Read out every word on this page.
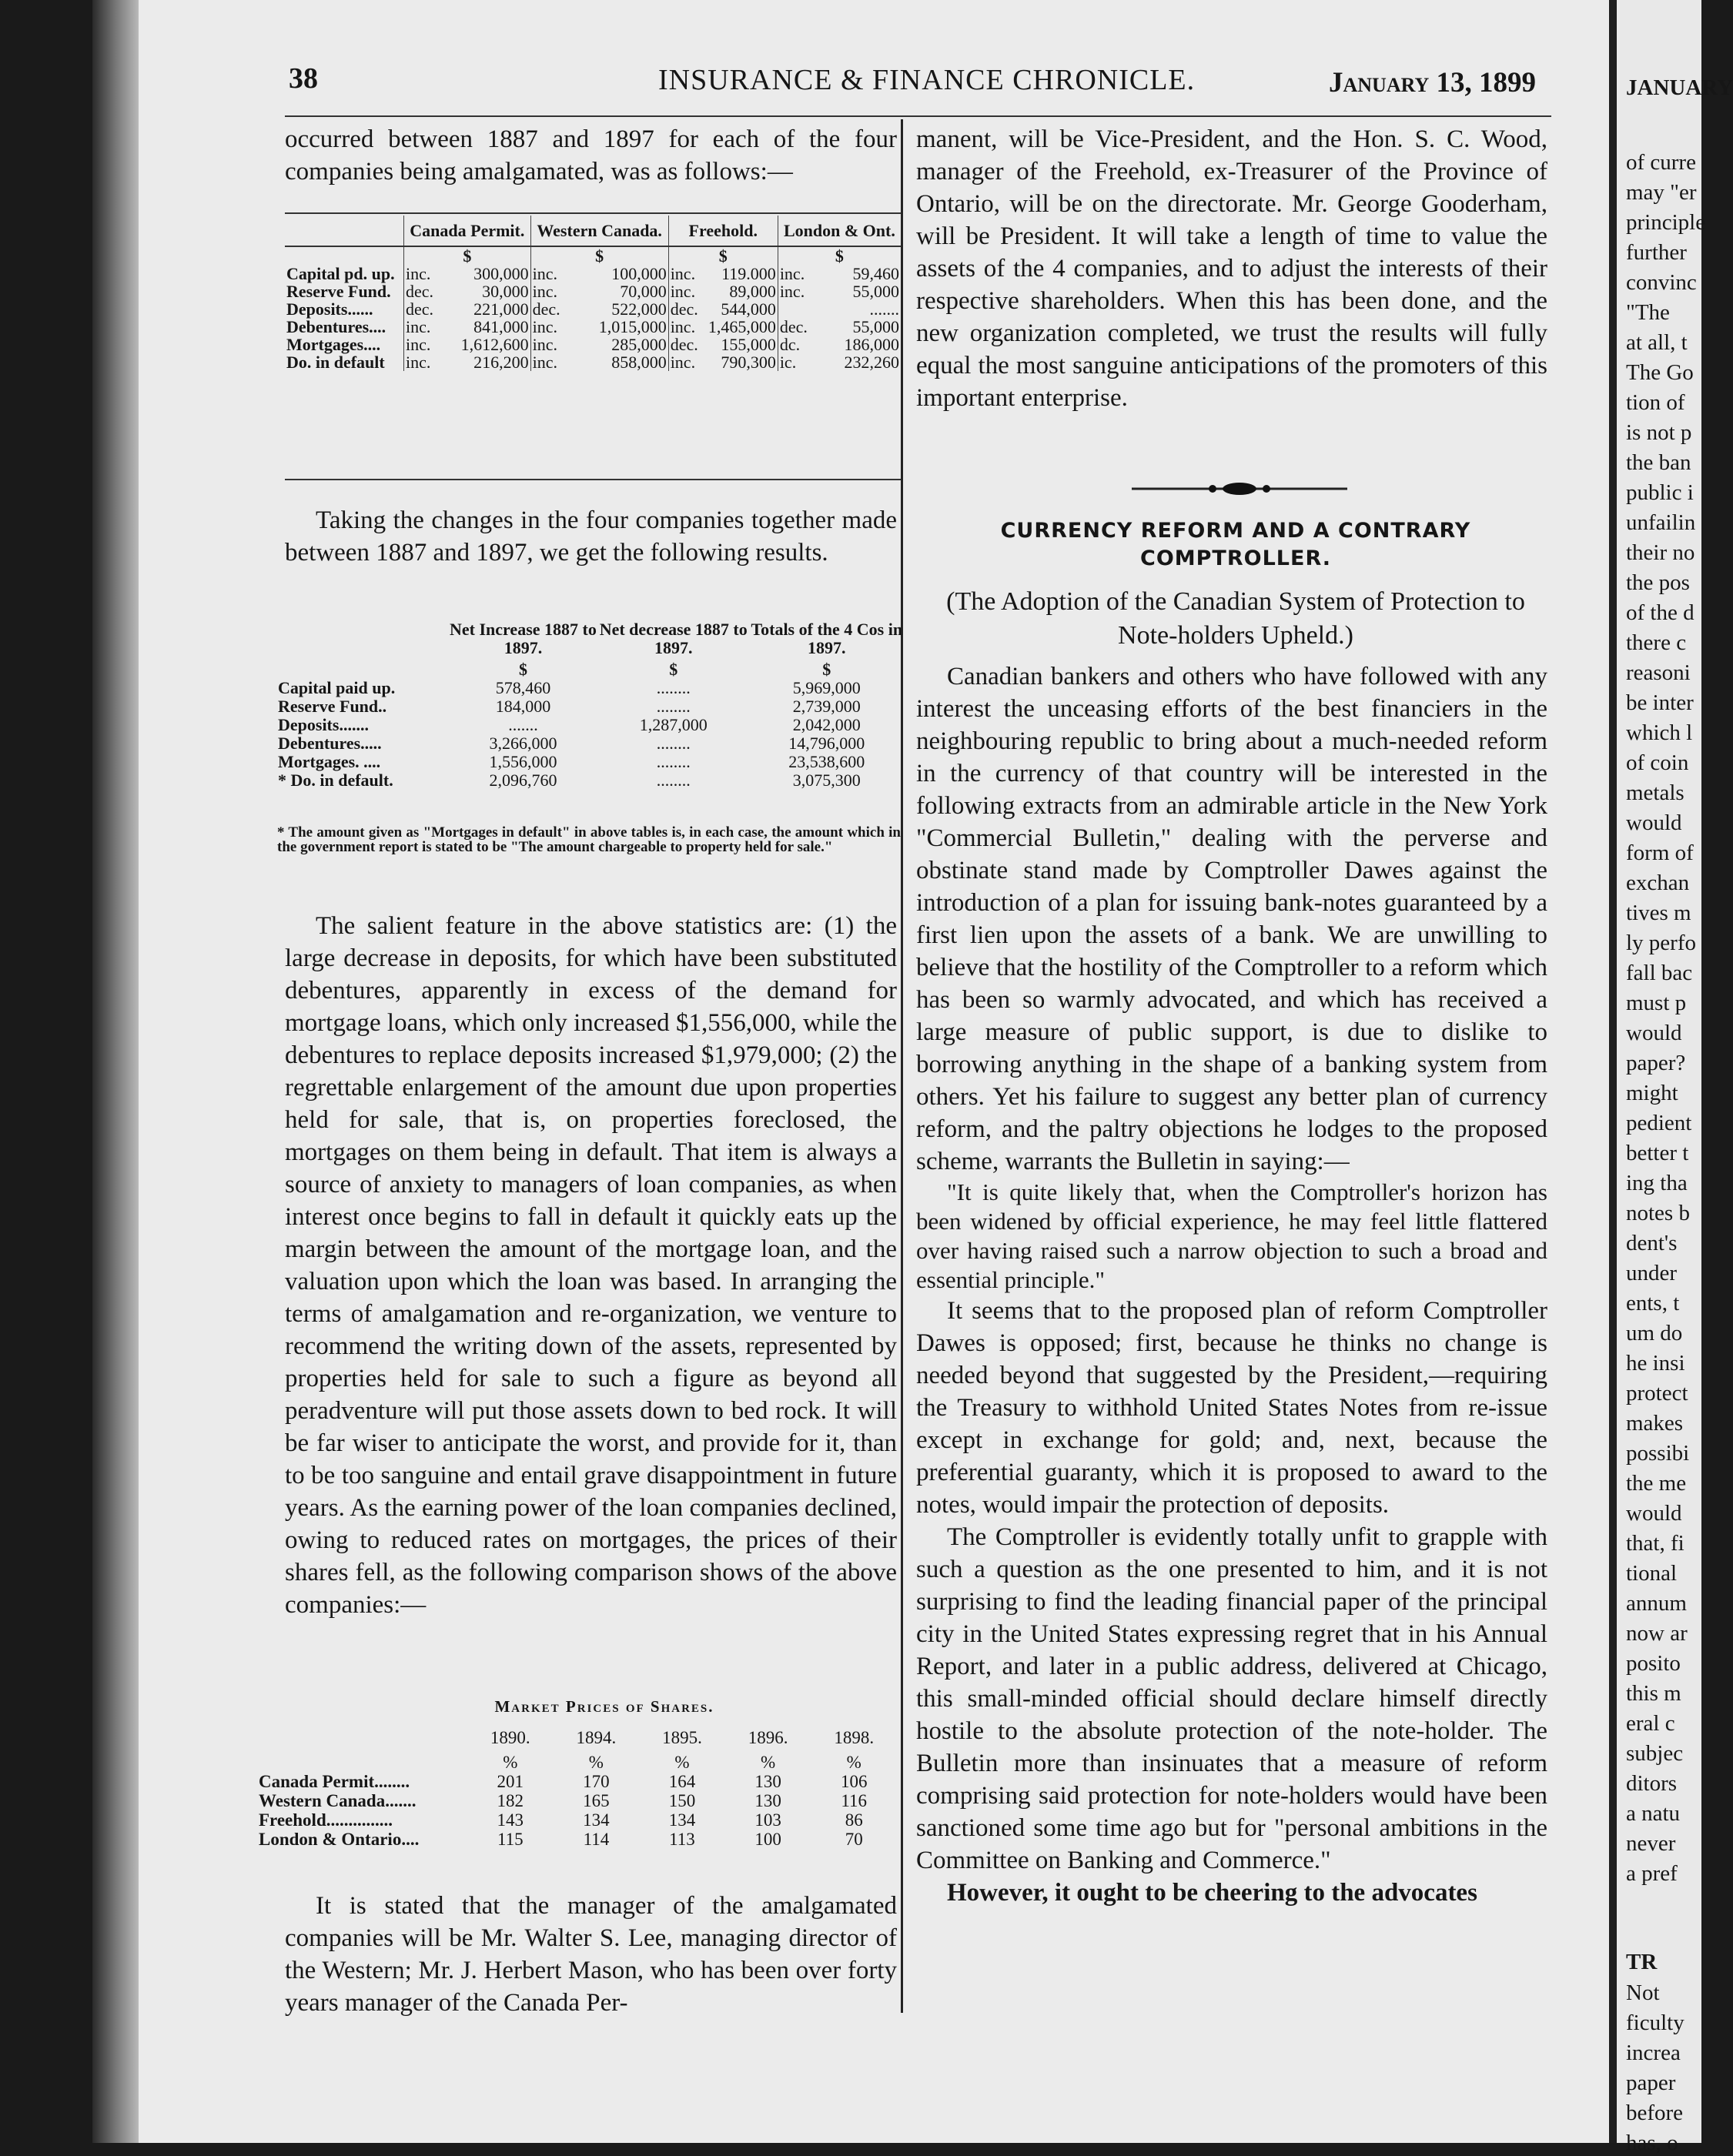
38	INSURANCE & FINANCE CHRONICLE.	January 13, 1899

occurred between 1887 and 1897 for each of the four companies being amalgamated, was as follows:—

	Canada Permit.		Western Canada.		Freehold.		London & Ont.	
	$		$		$		$	
Capital pd. up.	inc.	300,000	inc.	100,000	inc.	119.000	inc.	59,460
Reserve Fund.	dec.	30,000	inc.	70,000	inc.	89,000	inc.	55,000
Deposits......	dec.	221,000	dec.	522,000	dec.	544,000		.......
Debentures....	inc.	841,000	inc.	1,015,000	inc.	1,465,000	dec.	55,000
Mortgages....	inc.	1,612,600	inc.	285,000	dec.	155,000	dc.	186,000
Do. in default	inc.	216,200	inc.	858,000	inc.	790,300	ic.	232,260

Taking the changes in the four companies together made between 1887 and 1897, we get the following results.

	Net Increase 1887 to 1897.	Net decrease 1887 to 1897.	Totals of the 4 Cos in 1897.
	$	$	$
Capital paid up.	578,460	........	5,969,000
Reserve Fund..	184,000	........	2,739,000
Deposits.......	.......	1,287,000	2,042,000
Debentures.....	3,266,000	........	14,796,000
Mortgages. ....	1,556,000	........	23,538,600
* Do. in default.	2,096,760	........	3,075,300
* The amount given as "Mortgages in default" in above tables is, in each case, the amount which in the government report is stated to be "The amount chargeable to property held for sale."

The salient feature in the above statistics are: (1) the large decrease in deposits, for which have been substituted debentures, apparently in excess of the demand for mortgage loans, which only increased $1,556,000, while the debentures to replace deposits increased $1,979,000; (2) the regrettable enlargement of the amount due upon properties held for sale, that is, on properties foreclosed, the mortgages on them being in default. That item is always a source of anxiety to managers of loan companies, as when interest once begins to fall in default it quickly eats up the margin between the amount of the mortgage loan, and the valuation upon which the loan was based. In arranging the terms of amalgamation and re-organization, we venture to recommend the writing down of the assets, represented by properties held for sale to such a figure as beyond all peradventure will put those assets down to bed rock. It will be far wiser to anticipate the worst, and provide for it, than to be too sanguine and entail grave disappointment in future years. As the earning power of the loan companies declined, owing to reduced rates on mortgages, the prices of their shares fell, as the following comparison shows of the above companies:—

Market Prices of Shares.
	1890.	1894.	1895.	1896.	1898.
	%	%	%	%	%
Canada Permit........	201	170	164	130	106
Western Canada.......	182	165	150	130	116
Freehold...............	143	134	134	103	86
London & Ontario....	115	114	113	100	70

It is stated that the manager of the amalgamated companies will be Mr. Walter S. Lee, managing director of the Western; Mr. J. Herbert Mason, who has been over forty years manager of the Canada Per-

manent, will be Vice-President, and the Hon. S. C. Wood, manager of the Freehold, ex-Treasurer of the Province of Ontario, will be on the directorate. Mr. George Gooderham, will be President. It will take a length of time to value the assets of the 4 companies, and to adjust the interests of their respective shareholders. When this has been done, and the new organization completed, we trust the results will fully equal the most sanguine anticipations of the promoters of this important enterprise.

CURRENCY REFORM AND A CONTRARY
COMPTROLLER.
(The Adoption of the Canadian System of Protection to Note-holders Upheld.)

Canadian bankers and others who have followed with any interest the unceasing efforts of the best financiers in the neighbouring republic to bring about a much-needed reform in the currency of that country will be interested in the following extracts from an admirable article in the New York "Commercial Bulletin," dealing with the perverse and obstinate stand made by Comptroller Dawes against the introduction of a plan for issuing bank-notes guaranteed by a first lien upon the assets of a bank. We are unwilling to believe that the hostility of the Comptroller to a reform which has been so warmly advocated, and which has received a large measure of public support, is due to dislike to borrowing anything in the shape of a banking system from others. Yet his failure to suggest any better plan of currency reform, and the paltry objections he lodges to the proposed scheme, warrants the Bulletin in saying:—

"It is quite likely that, when the Comptroller's horizon has been widened by official experience, he may feel little flattered over having raised such a narrow objection to such a broad and essential principle."

It seems that to the proposed plan of reform Comptroller Dawes is opposed; first, because he thinks no change is needed beyond that suggested by the President,—requiring the Treasury to withhold United States Notes from re-issue except in exchange for gold; and, next, because the preferential guaranty, which it is proposed to award to the notes, would impair the protection of deposits.

The Comptroller is evidently totally unfit to grapple with such a question as the one presented to him, and it is not surprising to find the leading financial paper of the principal city in the United States expressing regret that in his Annual Report, and later in a public address, delivered at Chicago, this small-minded official should declare himself directly hostile to the absolute protection of the note-holder. The Bulletin more than insinuates that a measure of reform comprising said protection for note-holders would have been sanctioned some time ago but for "personal ambitions in the Committee on Banking and Commerce."

However, it ought to be cheering to the advocates

JANUARY
of curre
may "er
principle
further
convinc
"The
at all, t
The Go
tion of
is not p
the ban
public i
unfailin
their no
the pos
of the d
there c
reasoni
be inter
which l
of coin
metals
would
form of
exchan
tives m
ly perfo
fall bac
must p
would
paper?
might
pedient
better t
ing tha
notes b
dent's
under
ents, t
um do
he insi
protect
makes
possibi
the me
would
that, fi
tional
annum
now ar
posito
this m
eral c
subjec
ditors
a natu
never
a pref
TR
Not
ficulty
increa
paper
before
has, o
